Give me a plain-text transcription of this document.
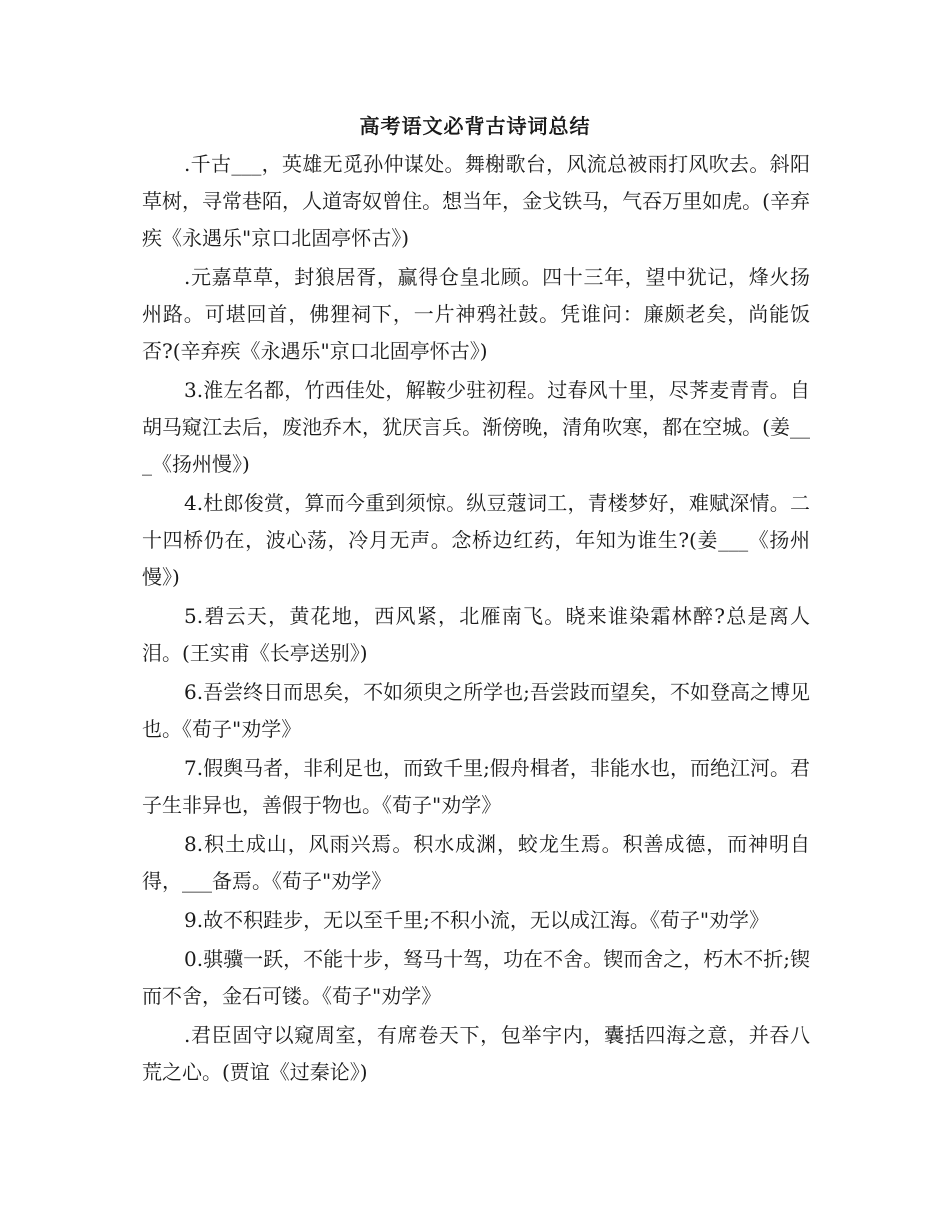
高考语文必背古诗词总结

.千古___，英雄无觅孙仲谋处。舞榭歌台，风流总被雨打风吹去。斜阳草树，寻常巷陌，人道寄奴曾住。想当年，金戈铁马，气吞万里如虎。(辛弃疾《永遇乐"京口北固亭怀古》)

.元嘉草草，封狼居胥，赢得仓皇北顾。四十三年，望中犹记，烽火扬州路。可堪回首，佛狸祠下，一片神鸦社鼓。凭谁问：廉颇老矣，尚能饭否?(辛弃疾《永遇乐"京口北固亭怀古》)

3.淮左名都，竹西佳处，解鞍少驻初程。过春风十里，尽荠麦青青。自胡马窥江去后，废池乔木，犹厌言兵。渐傍晚，清角吹寒，都在空城。(姜___《扬州慢》)

4.杜郎俊赏，算而今重到须惊。纵豆蔻词工，青楼梦好，难赋深情。二十四桥仍在，波心荡，冷月无声。念桥边红药，年知为谁生?(姜___《扬州慢》)

5.碧云天，黄花地，西风紧，北雁南飞。晓来谁染霜林醉?总是离人泪。(王实甫《长亭送别》)

6.吾尝终日而思矣，不如须臾之所学也;吾尝跂而望矣，不如登高之博见也。《荀子"劝学》

7.假舆马者，非利足也，而致千里;假舟楫者，非能水也，而绝江河。君子生非异也，善假于物也。《荀子"劝学》

8.积土成山，风雨兴焉。积水成渊，蛟龙生焉。积善成德，而神明自得，___备焉。《荀子"劝学》

9.故不积跬步，无以至千里;不积小流，无以成江海。《荀子"劝学》

0.骐骥一跃，不能十步，驽马十驾，功在不舍。锲而舍之，朽木不折;锲而不舍，金石可镂。《荀子"劝学》

.君臣固守以窥周室，有席卷天下，包举宇内，囊括四海之意，并吞八荒之心。(贾谊《过秦论》)
